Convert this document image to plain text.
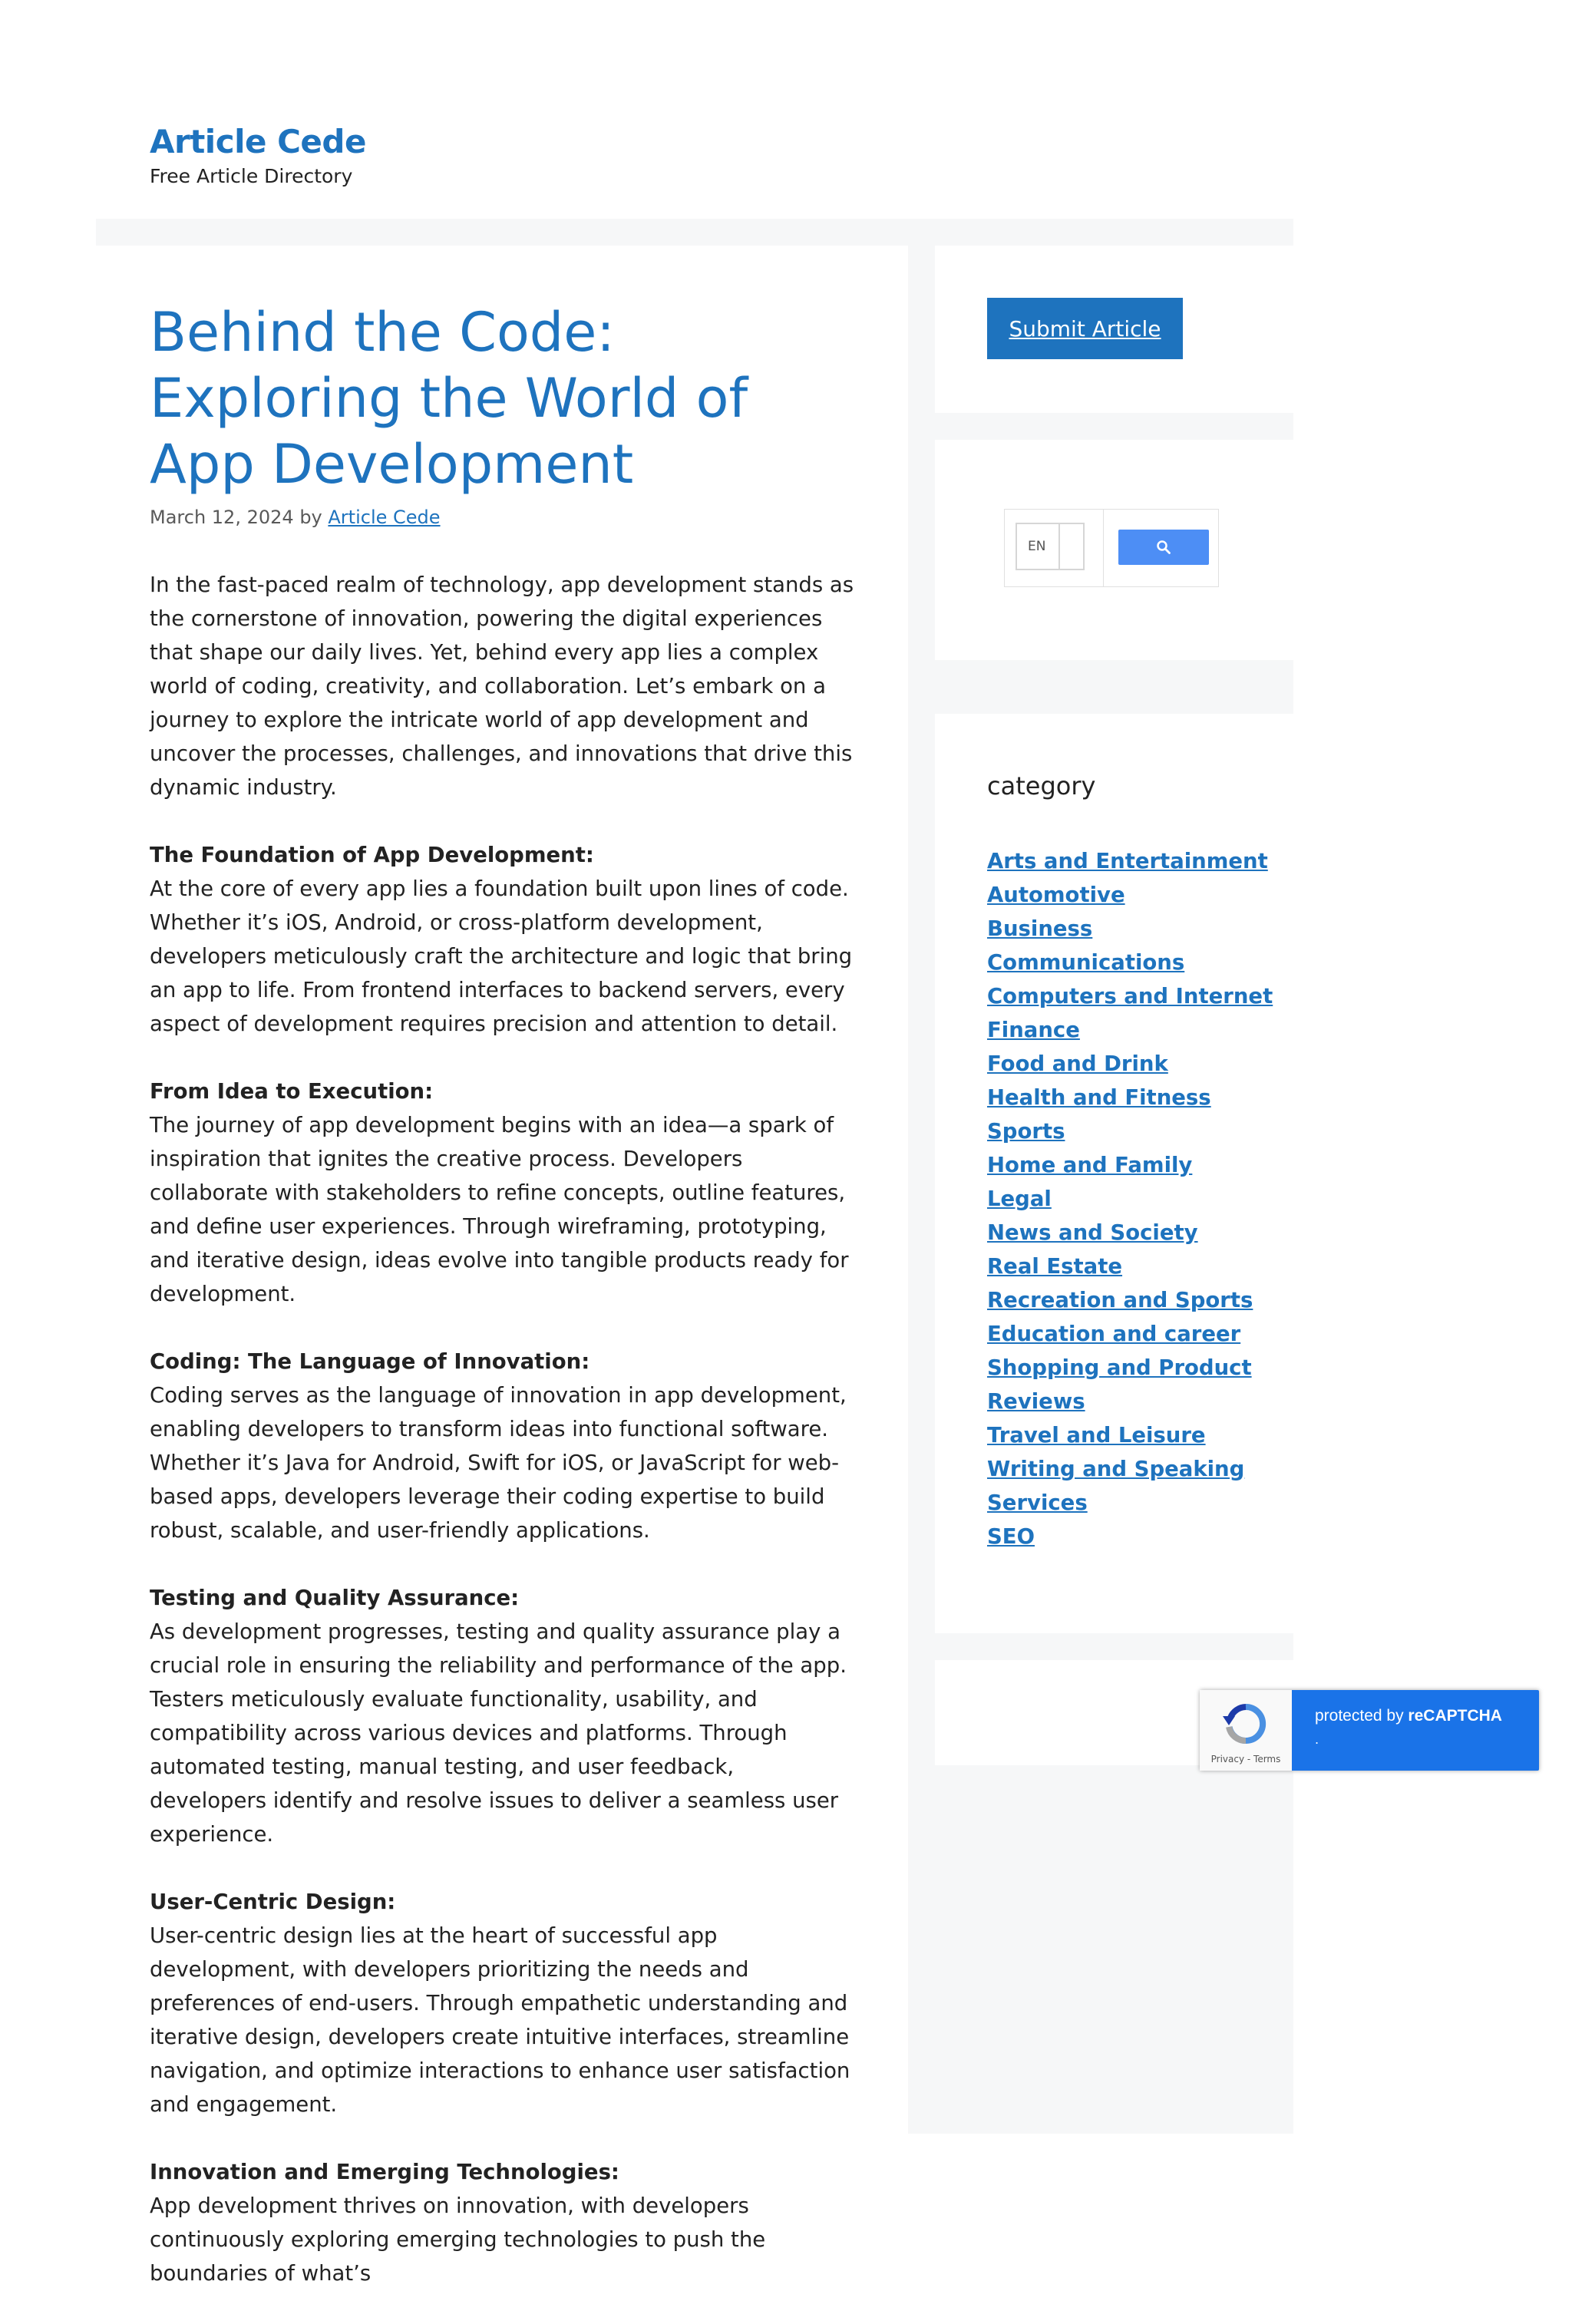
Article Cede
Free Article Directory
Behind the Code: Exploring the World of App Development
March 12, 2024 by Article Cede

In the fast-paced realm of technology, app development stands as the cornerstone of innovation, powering the digital experiences that shape our daily lives. Yet, behind every app lies a complex world of coding, creativity, and collaboration. Let’s embark on a journey to explore the intricate world of app development and uncover the processes, challenges, and innovations that drive this dynamic industry.

The Foundation of App Development:
At the core of every app lies a foundation built upon lines of code. Whether it’s iOS, Android, or cross-platform development, developers meticulously craft the architecture and logic that bring an app to life. From frontend interfaces to backend servers, every aspect of development requires precision and attention to detail.

From Idea to Execution:
The journey of app development begins with an idea—a spark of inspiration that ignites the creative process. Developers collaborate with stakeholders to refine concepts, outline features, and define user experiences. Through wireframing, prototyping, and iterative design, ideas evolve into tangible products ready for development.

Coding: The Language of Innovation:
Coding serves as the language of innovation in app development, enabling developers to transform ideas into functional software. Whether it’s Java for Android, Swift for iOS, or JavaScript for web-based apps, developers leverage their coding expertise to build robust, scalable, and user-friendly applications.

Testing and Quality Assurance:
As development progresses, testing and quality assurance play a crucial role in ensuring the reliability and performance of the app. Testers meticulously evaluate functionality, usability, and compatibility across various devices and platforms. Through automated testing, manual testing, and user feedback, developers identify and resolve issues to deliver a seamless user experience.

User-Centric Design:
User-centric design lies at the heart of successful app development, with developers prioritizing the needs and preferences of end-users. Through empathetic understanding and iterative design, developers create intuitive interfaces, streamline navigation, and optimize interactions to enhance user satisfaction and engagement.

Innovation and Emerging Technologies:
App development thrives on innovation, with developers continuously exploring emerging technologies to push the boundaries of what’s

Submit Article
EN
category
Arts and Entertainment
Automotive
Business
Communications
Computers and Internet
Finance
Food and Drink
Health and Fitness
Sports
Home and Family
Legal
News and Society
Real Estate
Recreation and Sports
Education and career
Shopping and Product Reviews
Travel and Leisure
Writing and Speaking
Services
SEO
Privacy - Terms
protected by reCAPTCHA
.
